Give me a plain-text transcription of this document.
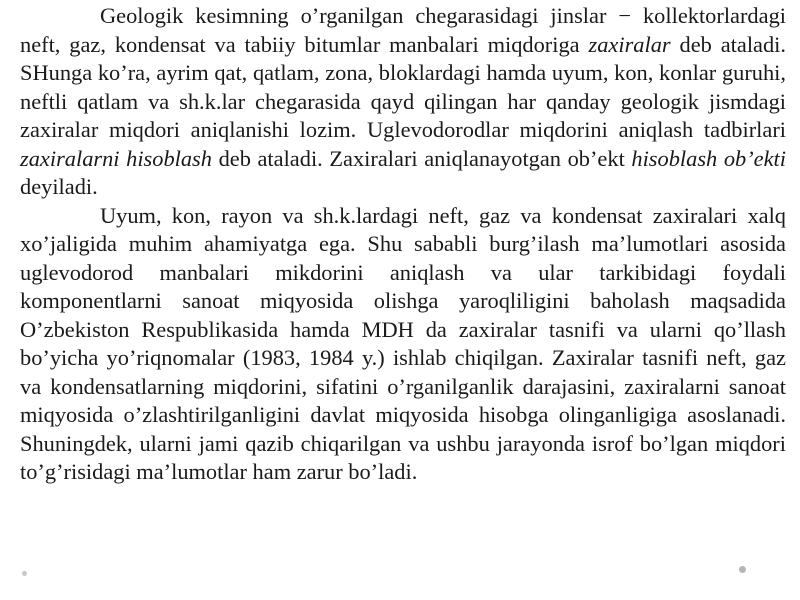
Geologik kesimning o’rganilgan chegarasidagi jinslar − kollektorlardagi neft, gaz, kondensat va tabiiy bitumlar manbalari miqdoriga zaxiralar deb ataladi. SHunga ko’ra, ayrim qat, qatlam, zona, bloklardagi hamda uyum, kon, konlar guruhi, neftli qatlam va sh.k.lar chegarasida qayd qilingan har qanday geologik jismdagi zaxiralar miqdori aniqlanishi lozim. Uglevodorodlar miqdorini aniqlash tadbirlari zaxiralarni hisoblash deb ataladi. Zaxiralari aniqlanayotgan ob’ekt hisoblash ob’ekti deyiladi.

Uyum, kon, rayon va sh.k.lardagi neft, gaz va kondensat zaxiralari xalq xo’jaligida muhim ahamiyatga ega. Shu sababli burg’ilash ma’lumotlari asosida uglevodorod manbalari mikdorini aniqlash va ular tarkibidagi foydali komponentlarni sanoat miqyosida olishga yaroqliligini baholash maqsadida O’zbekiston Respublikasida hamda MDH da zaxiralar tasnifi va ularni qo’llash bo’yicha yo’riqnomalar (1983, 1984 y.) ishlab chiqilgan. Zaxiralar tasnifi neft, gaz va kondensatlarning miqdorini, sifatini o’rganilganlik darajasini, zaxiralarni sanoat miqyosida o’zlashtirilganligini davlat miqyosida hisobga olinganligiga asoslanadi. Shuningdek, ularni jami qazib chiqarilgan va ushbu jarayonda isrof bo’lgan miqdori to’g’risidagi ma’lumotlar ham zarur bo’ladi.
